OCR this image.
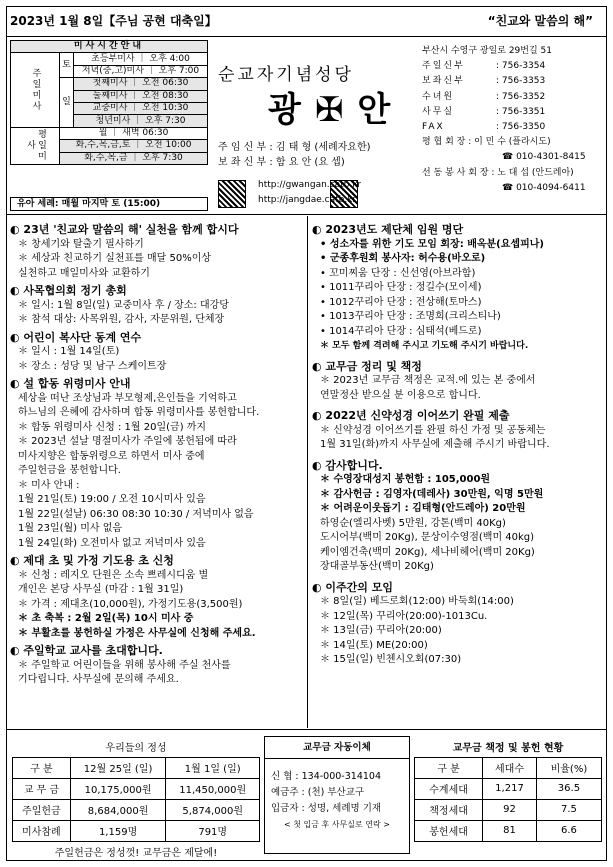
2023년 1월 8일【주님 공현 대축일】	“친교와 말씀의 해”
미사시간안내		
주일미사	토	초등부미사 ｜ 오후 4:00
		저녁(중,고)미사 ｜ 오후 7:00
	일	첫째미사 ｜ 오전 06:30
		둘째미사 ｜ 오전 08:30
		교중미사 ｜ 오전 10:30
		청년미사 ｜ 오후 7:30
평일미사	월 ｜ 새벽 06:30	
	화,수,목,금,토 ｜ 오전 10:00	
	화,수,목,금 ｜ 오후 7:30	
유아 세례: 매월 마지막 토 (15:00)
순교자기념성당
광✠안
주 임 신 부 : 김 태 형 (세례자요한)
보 좌 신 부 : 함 요 안 (요 셉)
http://gwangan.catb.kr
http://jangdae.catb.kr
부산시 수영구 광일로 29번길 51
주일신부	: 756-3354
보좌신부	: 756-3353
수녀원	: 756-3352
사무실	: 756-3351
FAX	: 756-3350
평 협 회 장 : 이 민 수 (플라시도)
☎ 010-4301-8415
선 동 봉 사 회 장 : 노 대 섭 (안드레아)
☎ 010-4094-6411
◐ 23년 '친교와 말씀의 해' 실천을 함께 합시다

＊ 창세기와 탈출기 필사하기

＊ 세상과 친교하기 실천표를 매달 50%이상

실천하고 매일미사와 교환하기

◐ 사목협의회 정기 총회

＊ 일시: 1월 8일(일) 교중미사 후 / 장소: 대강당

＊ 참석 대상: 사목위원, 감사, 자문위원, 단체장

◐ 어린이 복사단 동계 연수

＊ 일시 : 1월 14일(토)

＊ 장소 : 성당 및 남구 스케이트장

◐ 설 합동 위령미사 안내

세상을 떠난 조상님과 부모형제,은인들을 기억하고

하느님의 은혜에 감사하며 합동 위령미사를 봉헌합니다.

＊ 합동 위령미사 신청 : 1월 20일(금) 까지

＊ 2023년 설날 명절미사가 주일에 봉헌됨에 따라

미사지향은 합동위령으로 하면서 미사 중에

주일헌금을 봉헌합니다.

＊ 미사 안내 :

1월 21일(토) 19:00 / 오전 10시미사 있음

1월 22일(설날) 06:30 08:30 10:30 / 저녁미사 없음

1월 23일(월) 미사 없음

1월 24일(화) 오전미사 없고 저녁미사 있음

◐ 제대 초 및 가정 기도용 초 신청

＊ 신청 : 레지오 단원은 소속 쁘레시디움 별

개인은 본당 사무실 (마감 : 1월 31일)

＊ 가격 : 제대초(10,000원), 가정기도용(3,500원)

＊ 초 축복 : 2월 2일(목) 10시 미사 중

＊ 부활초를 봉헌하실 가정은 사무실에 신청해 주세요.

◐ 주일학교 교사를 초대합니다.

＊ 주일학교 어린이들을 위해 봉사해 주실 천사를

기다립니다. 사무실에 문의해 주세요.

◐ 2023년도 제단체 임원 명단

• 성소자를 위한 기도 모임 회장: 배옥분(요셉피나)

• 군종후원회 봉사자: 허수용(바오로)

• 꼬미찌움 단장 : 신선영(아브라함)

• 1011꾸리아 단장 : 정길수(모이세)

• 1012꾸리아 단장 : 전상해(토마스)

• 1013꾸리아 단장 : 조명희(크리스티나)

• 1014꾸리아 단장 : 심태석(베드로)

＊ 모두 함께 격려해 주시고 기도해 주시기 바랍니다.

◐ 교무금 정리 및 책정

＊ 2023년 교무금 책정은 교적.에 있는 본 중에서

연말정산 받으실 분 이용으로 합니다.

◐ 2022년 신약성경 이어쓰기 완필 제출

＊ 신약성경 이어쓰기를 완필 하신 가정 및 공동체는

1월 31일(화)까지 사무실에 제출해 주시기 바랍니다.

◐ 감사합니다.

＊ 수영장대성지 봉헌함 : 105,000원

＊ 감사헌금 : 김영자(데레사) 30만원, 익명 5만원

＊ 어려운이웃돕기 : 김태형(안드레아) 20만원

하영순(엘리사벳) 5만원, 강톤(백미 40Kg)

도시어부(백미 20Kg), 문상이수영점(백미 40kg)

케이엠건축(백미 20Kg), 세나비헤어(백미 20Kg)

장대골부동산(백미 20Kg)

◐ 이주간의 모임

＊ 8일(일) 베드로회(12:00) 바둑회(14:00)

＊ 12일(목) 꾸리아(20:00)-1013Cu.

＊ 13일(금) 꾸리아(20:00)

＊ 14일(토) ME(20:00)

＊ 15일(일) 빈첸시오회(07:30)

우리들의 정성		
구 분	12월 25일 (일)	1월 1일 (일)
교 무 금	10,175,000원	11,450,000원
주일헌금	8,684,000원	5,874,000원
미사참례	1,159명	791명
주일헌금은 정성껏! 교무금은 제달에!		
교무금 자동이체
신 협 : 134-000-314104
예금주 : (천) 부산교구
입금자 : 성명, 세례명 기재
< 첫 입금 후 사무실로 연락 >
교무금 책정 및 봉헌 현황		
구 분	세대수	비율(%)
수계세대	1,217	36.5
책정세대	92	7.5
봉헌세대	81	6.6
